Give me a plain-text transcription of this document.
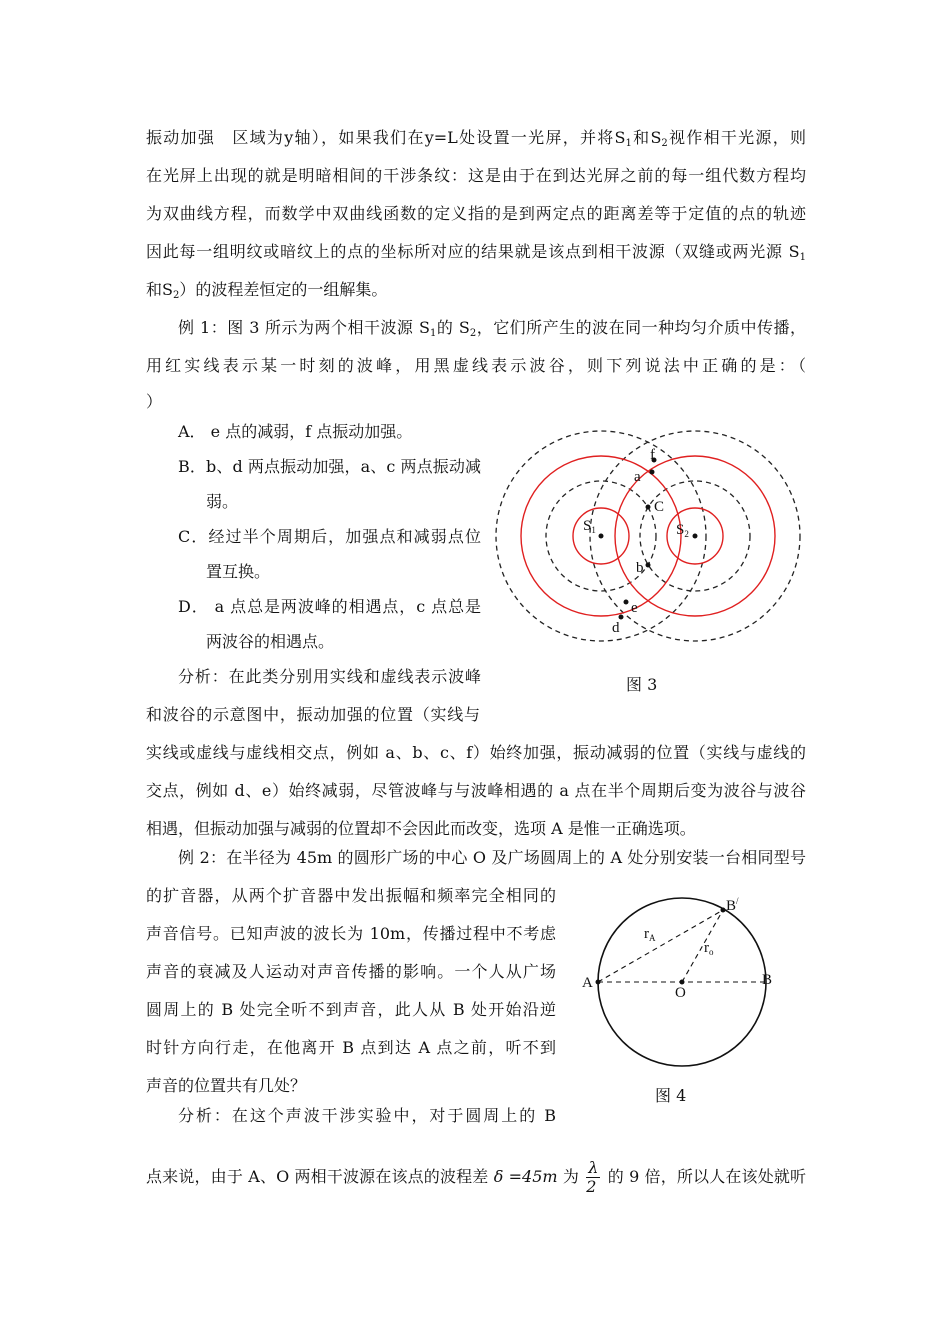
振动加强　区域为y轴），如果我们在y=L处设置一光屏，并将$S_1$和$S_2$视作相干光源，则
在光屏上出现的就是明暗相间的干涉条纹：这是由于在到达光屏之前的每一组代数方程均
为双曲线方程，而数学中双曲线函数的定义指的是到两定点的距离差等于定值的点的轨迹
因此每一组明纹或暗纹上的点的坐标所对应的结果就是该点到相干波源（双缝或两光源 $S_1$
和$S_2$）的波程差恒定的一组解集。
例 1：图 3 所示为两个相干波源 $S_1$的 $S_2$，它们所产生的波在同一种均匀介质中传播，
用红实线表示某一时刻的波峰，用黑虚线表示波谷，则下列说法中正确的是：（
）
A． e 点的减弱，f 点振动加强。
B．b、d 两点振动加强，a、c 两点振动减
弱。
C．经过半个周期后，加强点和减弱点位
置互换。
D． a 点总是两波峰的相遇点，c 点总是
两波谷的相遇点。
分析：在此类分别用实线和虚线表示波峰
和波谷的示意图中，振动加强的位置（实线与
实线或虚线与虚线相交点，例如 a、b、c、f）始终加强，振动减弱的位置（实线与虚线的
交点，例如 d、e）始终减弱，尽管波峰与与波峰相遇的 a 点在半个周期后变为波谷与波谷
相遇，但振动加强与减弱的位置却不会因此而改变，选项 A 是惟一正确选项。
$S_1$	$S_2$
a
b
C
d
e
f
图 3
例 2：在半径为 45m 的圆形广场的中心 O 及广场圆周上的 A 处分别安装一台相同型号
的扩音器，从两个扩音器中发出振幅和频率完全相同的
声音信号。已知声波的波长为 10m，传播过程中不考虑
声音的衰减及人运动对声音传播的影响。一个人从广场
圆周上的 B 处完全听不到声音，此人从 B 处开始沿逆
时针方向行走，在他离开 B 点到达 A 点之前，听不到
声音的位置共有几处？
分析：在这个声波干涉实验中，对于圆周上的 B
A	B
O
B/
$r_A$
$r_o$
图 4
点来说，由于 A、O 两相干波源在该点的波程差 δ =45m 为 $\frac{\lambda}{2}$ 的 9 倍，所以人在该处就听
